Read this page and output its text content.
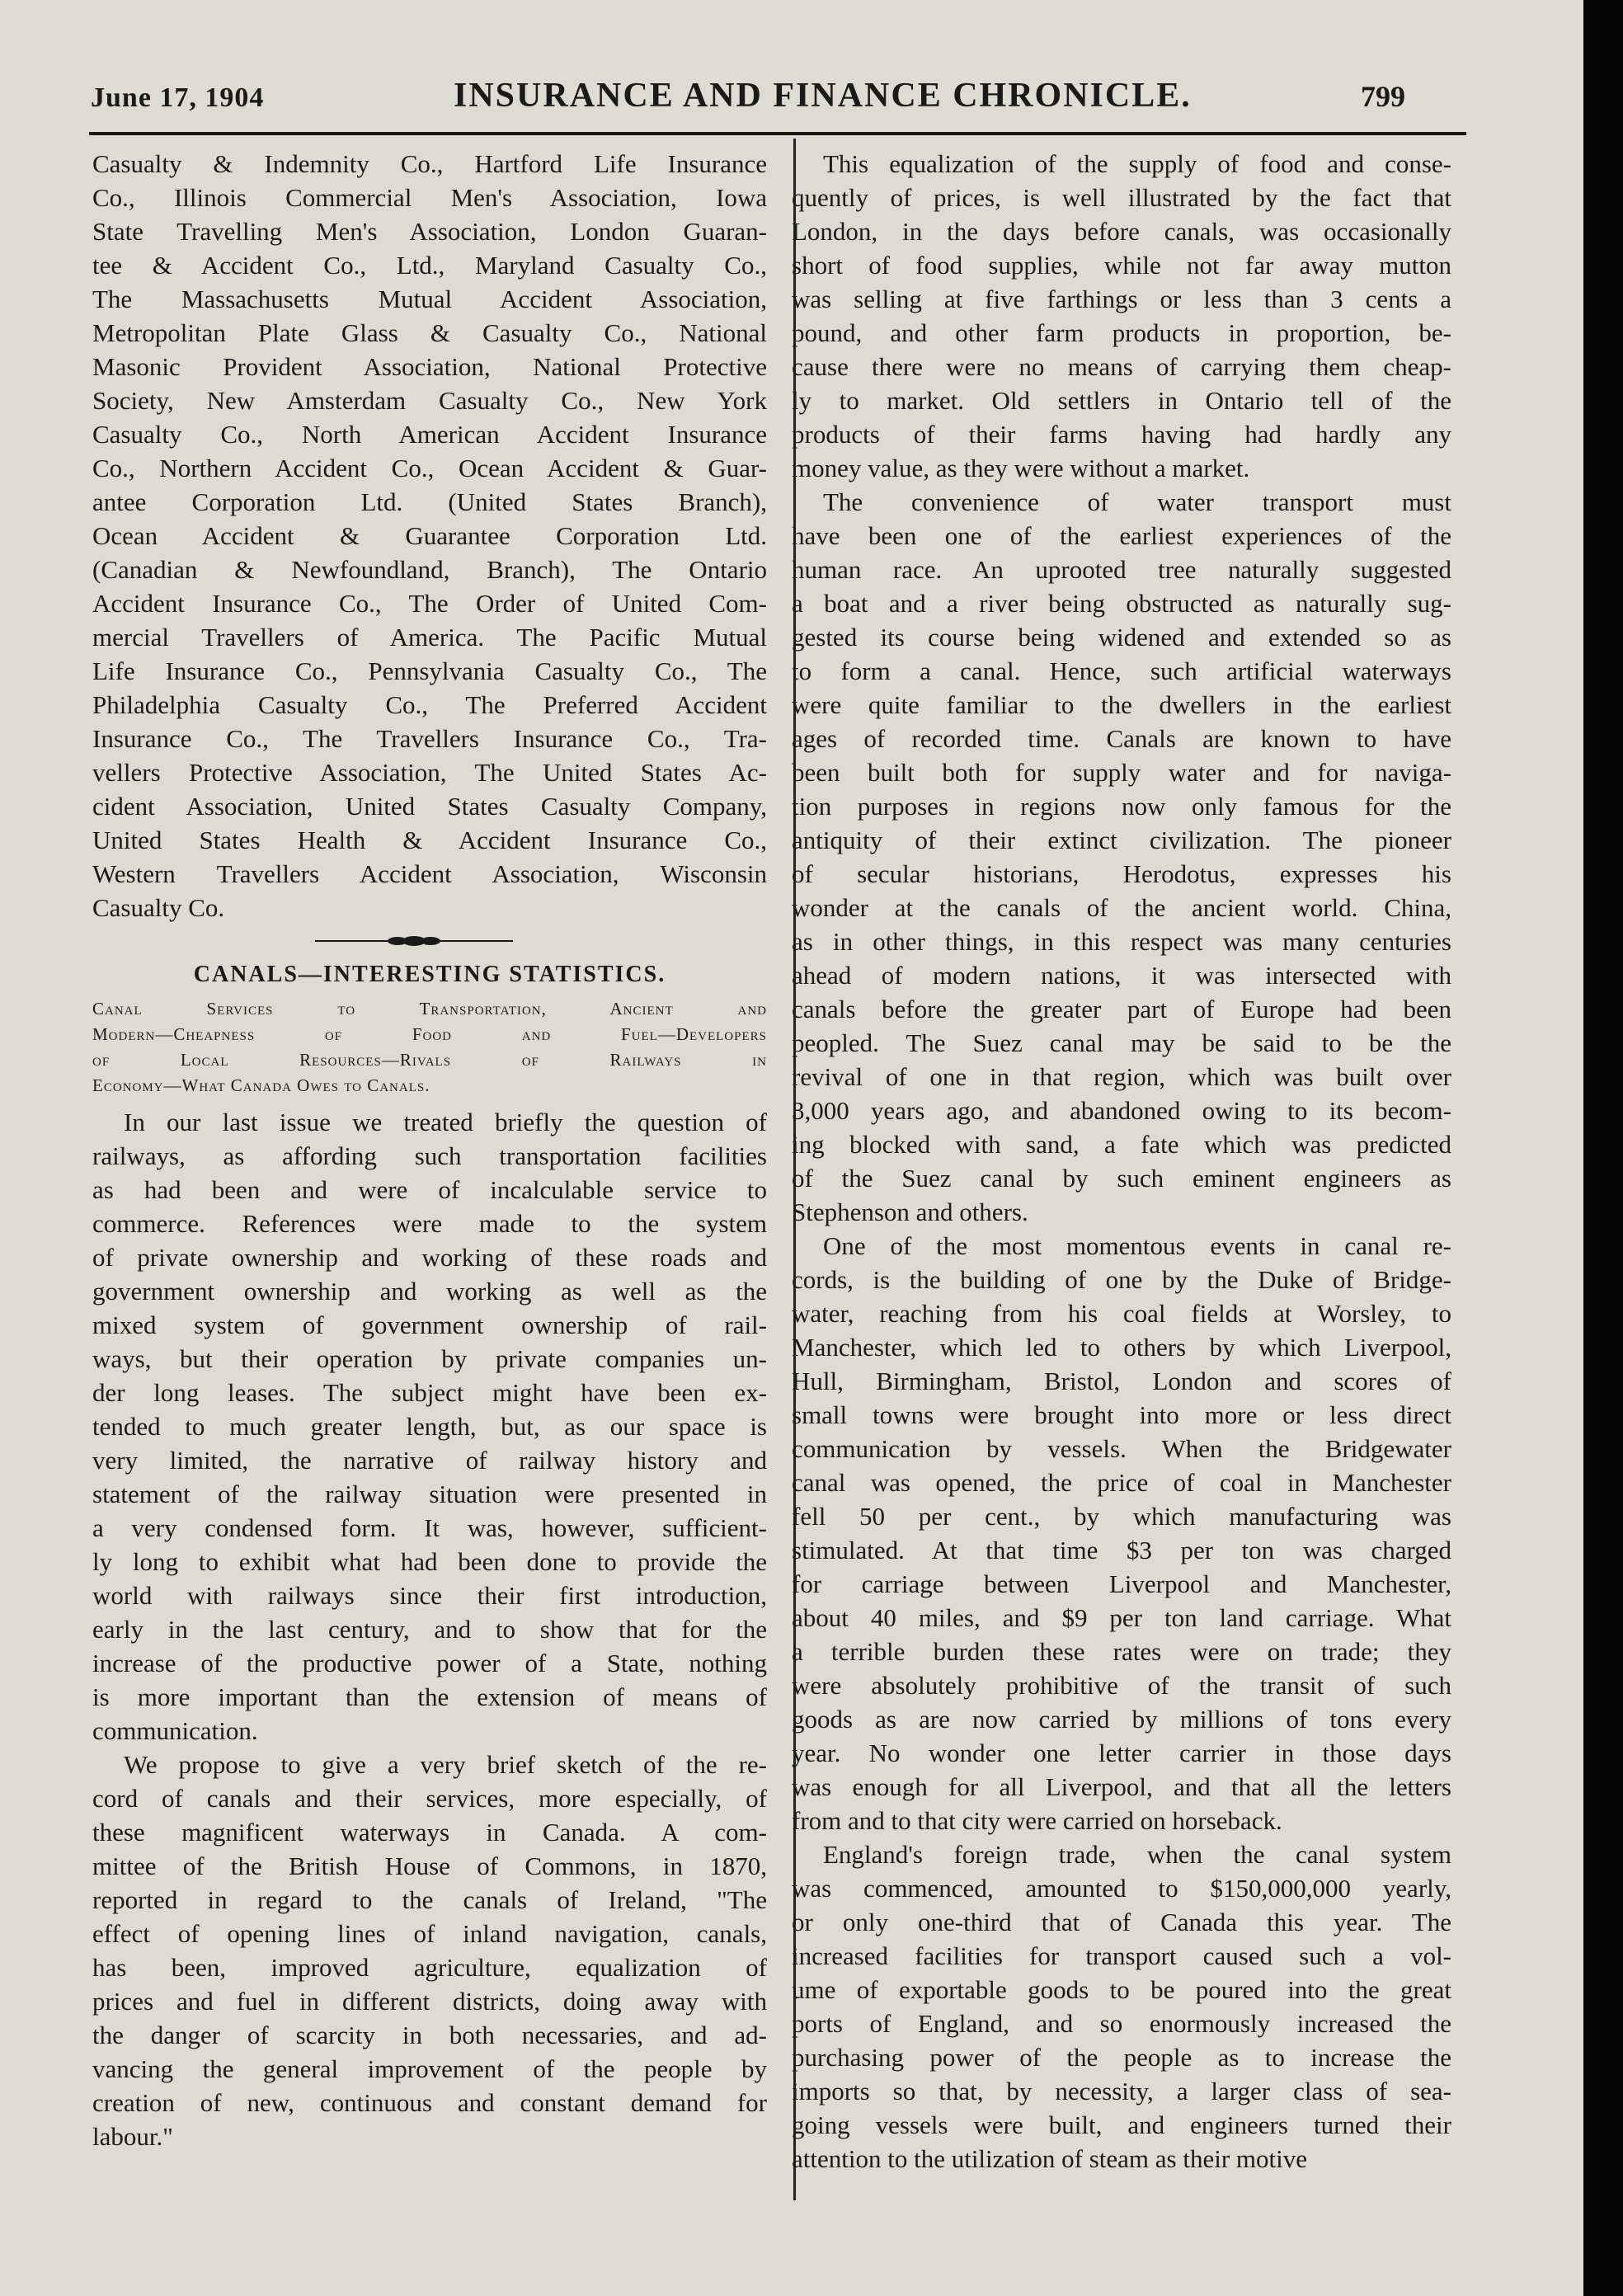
June 17, 1904	INSURANCE AND FINANCE CHRONICLE.	799
Casualty & Indemnity Co., Hartford Life Insurance
Co., Illinois Commercial Men's Association, Iowa
State Travelling Men's Association, London Guaran-
tee & Accident Co., Ltd., Maryland Casualty Co.,
The Massachusetts Mutual Accident Association,
Metropolitan Plate Glass & Casualty Co., National
Masonic Provident Association, National Protective
Society, New Amsterdam Casualty Co., New York
Casualty Co., North American Accident Insurance
Co., Northern Accident Co., Ocean Accident & Guar-
antee Corporation Ltd. (United States Branch),
Ocean Accident & Guarantee Corporation Ltd.
(Canadian & Newfoundland, Branch), The Ontario
Accident Insurance Co., The Order of United Com-
mercial Travellers of America. The Pacific Mutual
Life Insurance Co., Pennsylvania Casualty Co., The
Philadelphia Casualty Co., The Preferred Accident
Insurance Co., The Travellers Insurance Co., Tra-
vellers Protective Association, The United States Ac-
cident Association, United States Casualty Company,
United States Health & Accident Insurance Co.,
Western Travellers Accident Association, Wisconsin
Casualty Co.
CANALS—INTERESTING STATISTICS.
Canal Services to Transportation, Ancient and
Modern—Cheapness of Food and Fuel—Developers
of Local Resources—Rivals of Railways in
Economy—What Canada Owes to Canals.
In our last issue we treated briefly the question of
railways, as affording such transportation facilities
as had been and were of incalculable service to
commerce. References were made to the system
of private ownership and working of these roads and
government ownership and working as well as the
mixed system of government ownership of rail-
ways, but their operation by private companies un-
der long leases. The subject might have been ex-
tended to much greater length, but, as our space is
very limited, the narrative of railway history and
statement of the railway situation were presented in
a very condensed form. It was, however, sufficient-
ly long to exhibit what had been done to provide the
world with railways since their first introduction,
early in the last century, and to show that for the
increase of the productive power of a State, nothing
is more important than the extension of means of
communication.
We propose to give a very brief sketch of the re-
cord of canals and their services, more especially, of
these magnificent waterways in Canada. A com-
mittee of the British House of Commons, in 1870,
reported in regard to the canals of Ireland, "The
effect of opening lines of inland navigation, canals,
has been, improved agriculture, equalization of
prices and fuel in different districts, doing away with
the danger of scarcity in both necessaries, and ad-
vancing the general improvement of the people by
creation of new, continuous and constant demand for
labour."
This equalization of the supply of food and conse-
quently of prices, is well illustrated by the fact that
London, in the days before canals, was occasionally
short of food supplies, while not far away mutton
was selling at five farthings or less than 3 cents a
pound, and other farm products in proportion, be-
cause there were no means of carrying them cheap-
ly to market. Old settlers in Ontario tell of the
products of their farms having had hardly any
money value, as they were without a market.
The convenience of water transport must
have been one of the earliest experiences of the
human race. An uprooted tree naturally suggested
a boat and a river being obstructed as naturally sug-
gested its course being widened and extended so as
to form a canal. Hence, such artificial waterways
were quite familiar to the dwellers in the earliest
ages of recorded time. Canals are known to have
been built both for supply water and for naviga-
tion purposes in regions now only famous for the
antiquity of their extinct civilization. The pioneer
of secular historians, Herodotus, expresses his
wonder at the canals of the ancient world. China,
as in other things, in this respect was many centuries
ahead of modern nations, it was intersected with
canals before the greater part of Europe had been
peopled. The Suez canal may be said to be the
revival of one in that region, which was built over
3,000 years ago, and abandoned owing to its becom-
ing blocked with sand, a fate which was predicted
of the Suez canal by such eminent engineers as
Stephenson and others.
One of the most momentous events in canal re-
cords, is the building of one by the Duke of Bridge-
water, reaching from his coal fields at Worsley, to
Manchester, which led to others by which Liverpool,
Hull, Birmingham, Bristol, London and scores of
small towns were brought into more or less direct
communication by vessels. When the Bridgewater
canal was opened, the price of coal in Manchester
fell 50 per cent., by which manufacturing was
stimulated. At that time $3 per ton was charged
for carriage between Liverpool and Manchester,
about 40 miles, and $9 per ton land carriage. What
a terrible burden these rates were on trade; they
were absolutely prohibitive of the transit of such
goods as are now carried by millions of tons every
year. No wonder one letter carrier in those days
was enough for all Liverpool, and that all the letters
from and to that city were carried on horseback.
England's foreign trade, when the canal system
was commenced, amounted to $150,000,000 yearly,
or only one-third that of Canada this year. The
increased facilities for transport caused such a vol-
ume of exportable goods to be poured into the great
ports of England, and so enormously increased the
purchasing power of the people as to increase the
imports so that, by necessity, a larger class of sea-
going vessels were built, and engineers turned their
attention to the utilization of steam as their motive
